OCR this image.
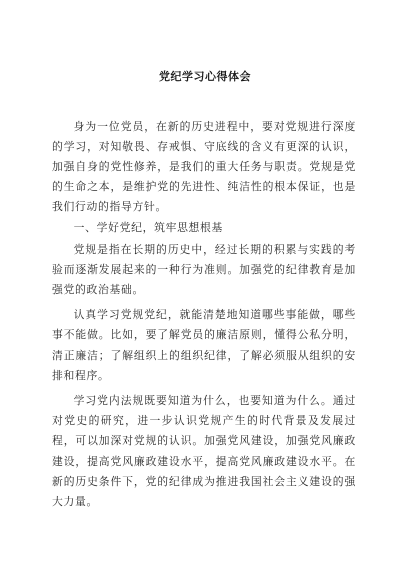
党纪学习心得体会

身为一位党员，在新的历史进程中，要对党规进行深度的学习，对知敬畏、存戒惧、守底线的含义有更深的认识，加强自身的党性修养，是我们的重大任务与职责。党规是党的生命之本，是维护党的先进性、纯洁性的根本保证，也是我们行动的指导方针。

一、学好党纪，筑牢思想根基

党规是指在长期的历史中，经过长期的积累与实践的考验而逐渐发展起来的一种行为准则。加强党的纪律教育是加强党的政治基础。

认真学习党规党纪，就能清楚地知道哪些事能做，哪些事不能做。比如，要了解党员的廉洁原则，懂得公私分明，清正廉洁；了解组织上的组织纪律，了解必须服从组织的安排和程序。

学习党内法规既要知道为什么，也要知道为什么。通过对党史的研究，进一步认识党规产生的时代背景及发展过程，可以加深对党规的认识。加强党风建设，加强党风廉政建设，提高党风廉政建设水平，提高党风廉政建设水平。在新的历史条件下，党的纪律成为推进我国社会主义建设的强大力量。
